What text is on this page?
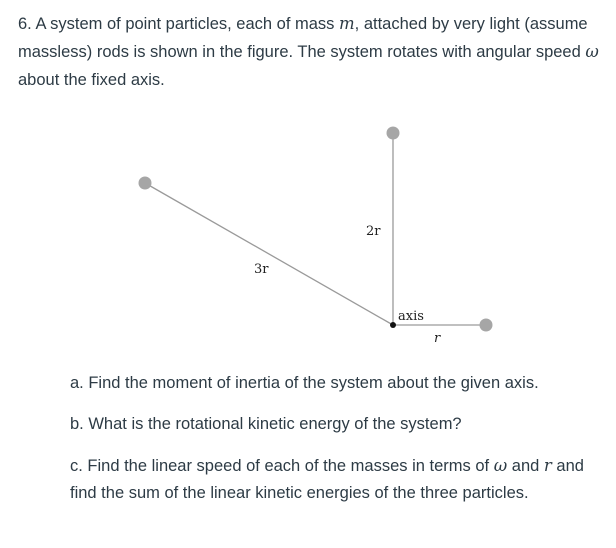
6. A system of point particles, each of mass m, attached by very light (assume massless) rods is shown in the figure. The system rotates with angular speed ω about the fixed axis.
3r
2r
axis
r
a. Find the moment of inertia of the system about the given axis.
b. What is the rotational kinetic energy of the system?
c. Find the linear speed of each of the masses in terms of ω and r and find the sum of the linear kinetic energies of the three particles.
